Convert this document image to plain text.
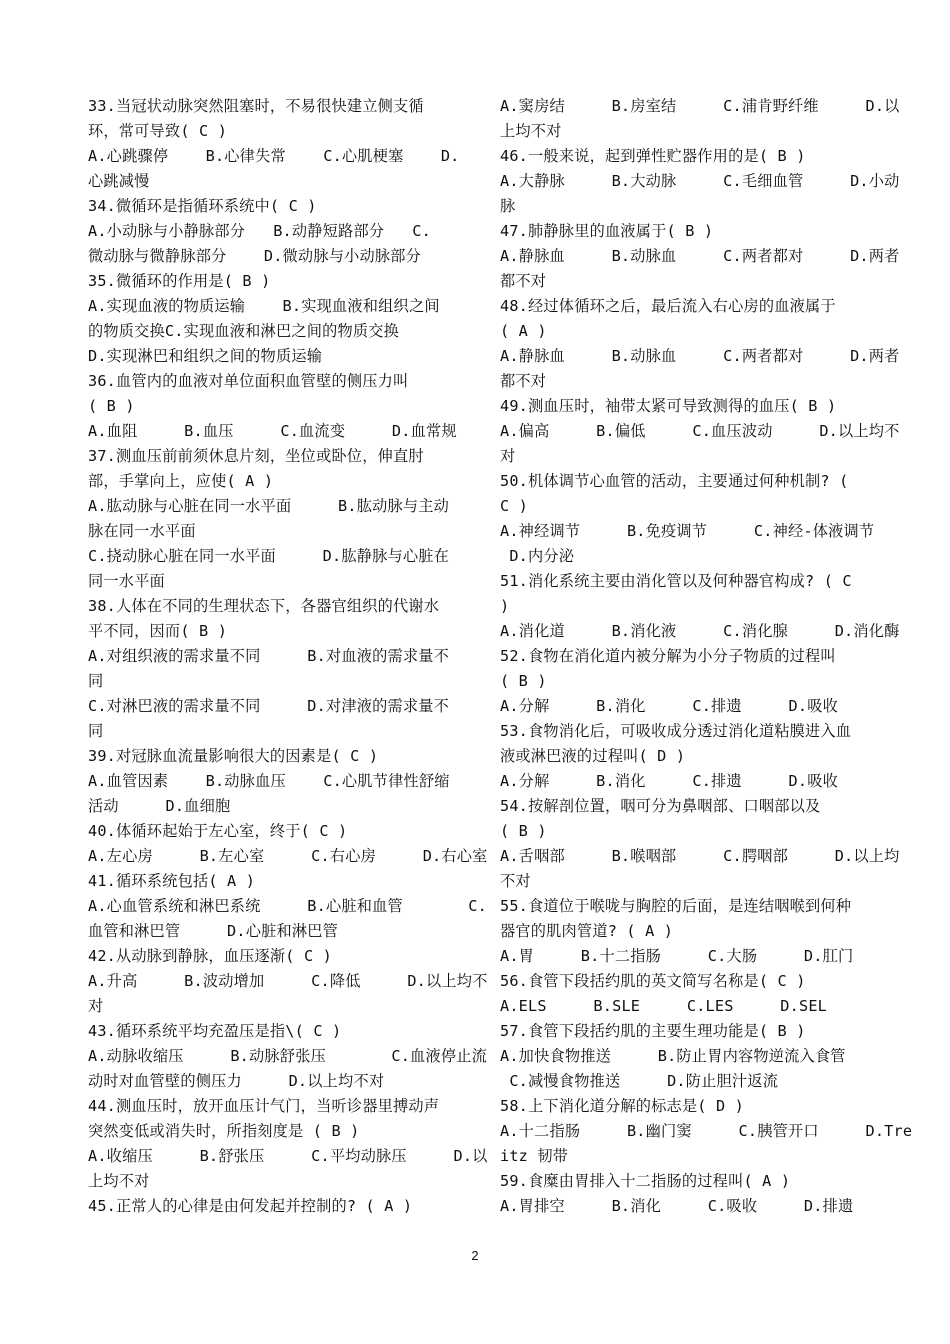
33.当冠状动脉突然阻塞时，不易很快建立侧支循
环，常可导致( C )
A.心跳骤停    B.心律失常    C.心肌梗塞    D.
心跳减慢
34.微循环是指循环系统中( C )
A.小动脉与小静脉部分   B.动静短路部分   C.
微动脉与微静脉部分    D.微动脉与小动脉部分
35.微循环的作用是( B )
A.实现血液的物质运输    B.实现血液和组织之间
的物质交换C.实现血液和淋巴之间的物质交换
D.实现淋巴和组织之间的物质运输
36.血管内的血液对单位面积血管壁的侧压力叫
( B )
A.血阻     B.血压     C.血流变     D.血常规
37.测血压前前须休息片刻，坐位或卧位，伸直肘
部，手掌向上，应使( A )
A.肱动脉与心脏在同一水平面     B.肱动脉与主动
脉在同一水平面
C.挠动脉心脏在同一水平面     D.肱静脉与心脏在
同一水平面
38.人体在不同的生理状态下，各器官组织的代谢水
平不同，因而( B )
A.对组织液的需求量不同     B.对血液的需求量不
同
C.对淋巴液的需求量不同     D.对津液的需求量不
同
39.对冠脉血流量影响很大的因素是( C )
A.血管因素    B.动脉血压    C.心肌节律性舒缩
活动     D.血细胞
40.体循环起始于左心室，终于( C )
A.左心房     B.左心室     C.右心房     D.右心室
41.循环系统包括( A )
A.心血管系统和淋巴系统     B.心脏和血管       C.
血管和淋巴管     D.心脏和淋巴管
42.从动脉到静脉，血压逐渐( C )
A.升高     B.波动增加     C.降低     D.以上均不
对
43.循环系统平均充盈压是指\( C )
A.动脉收缩压     B.动脉舒张压       C.血液停止流
动时对血管壁的侧压力     D.以上均不对
44.测血压时，放开血压计气门，当听诊器里搏动声
突然变低或消失时，所指刻度是 ( B )
A.收缩压     B.舒张压     C.平均动脉压     D.以
上均不对
45.正常人的心律是由何发起并控制的? ( A )
A.窦房结     B.房室结     C.浦肯野纤维     D.以
上均不对
46.一般来说，起到弹性贮器作用的是( B )
A.大静脉     B.大动脉     C.毛细血管     D.小动
脉
47.肺静脉里的血液属于( B )
A.静脉血     B.动脉血     C.两者都对     D.两者
都不对
48.经过体循环之后，最后流入右心房的血液属于
( A )
A.静脉血     B.动脉血     C.两者都对     D.两者
都不对
49.测血压时，袖带太紧可导致测得的血压( B )
A.偏高     B.偏低     C.血压波动     D.以上均不
对
50.机体调节心血管的活动，主要通过何种机制? (
C )
A.神经调节     B.免疫调节     C.神经-体液调节
D.内分泌
51.消化系统主要由消化管以及何种器官构成? ( C
)
A.消化道     B.消化液     C.消化腺     D.消化酶
52.食物在消化道内被分解为小分子物质的过程叫
( B )
A.分解     B.消化     C.排遗     D.吸收
53.食物消化后，可吸收成分透过消化道粘膜进入血
液或淋巴液的过程叫( D )
A.分解     B.消化     C.排遗     D.吸收
54.按解剖位置，咽可分为鼻咽部、口咽部以及
( B )
A.舌咽部     B.喉咽部     C.腭咽部     D.以上均
不对
55.食道位于喉咙与胸腔的后面，是连结咽喉到何种
器官的肌肉管道? ( A )
A.胃     B.十二指肠     C.大肠     D.肛门
56.食管下段括约肌的英文简写名称是( C )
A.ELS     B.SLE     C.LES     D.SEL
57.食管下段括约肌的主要生理功能是( B )
A.加快食物推送     B.防止胃内容物逆流入食管
C.减慢食物推送     D.防止胆汁返流
58.上下消化道分解的标志是( D )
A.十二指肠     B.幽门窦     C.胰管开口     D.Tre
itz 韧带
59.食糜由胃排入十二指肠的过程叫( A )
A.胃排空     B.消化     C.吸收     D.排遗
2
